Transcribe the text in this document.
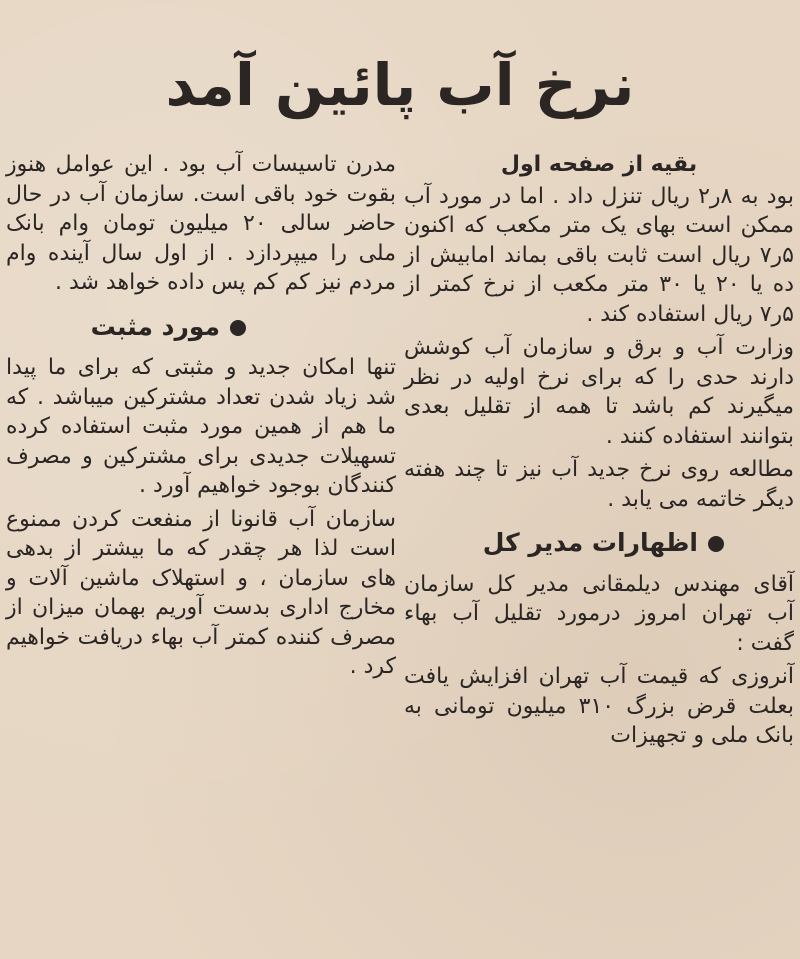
نرخ آب پائین آمد
بقیه از صفحه اول

بود به ۸ر۲ ریال تنزل داد . اما در مورد آب ممکن است بهای یک متر مکعب که اکنون ۵ر۷ ریال است ثابت باقی بماند امابیش از ده یا ۲۰ یا ۳۰ متر مکعب از نرخ کمتر از ۵ر۷ ریال استفاده کند .

وزارت آب و برق و سازمان آب کوشش دارند حدی را که برای نرخ اولیه در نظر میگیرند کم باشد تا همه از تقلیل بعدی بتوانند استفاده کنند .

مطالعه روی نرخ جدید آب نیز تا چند هفته دیگر خاتمه می یابد .

اظهارات مدیر کل

آقای مهندس دیلمقانی مدیر کل سازمان آب تهران امروز درمورد تقلیل آب بهاء گفت :

آنروزی که قیمت آب تهران افزایش یافت بعلت قرض بزرگ ۳۱۰ میلیون تومانی به بانک ملی و تجهیزات

مدرن تاسیسات آب بود . این عوامل هنوز بقوت خود باقی است. سازمان آب در حال حاضر سالی ۲۰ میلیون تومان وام بانک ملی را میپردازد . از اول سال آینده وام مردم نیز کم کم پس داده خواهد شد .

مورد مثبت

تنها امکان جدید و مثبتی که برای ما پیدا شد زیاد شدن تعداد مشترکین میباشد . که ما هم از همین مورد مثبت استفاده کرده تسهیلات جدیدی برای مشترکین و مصرف کنندگان بوجود خواهیم آورد .

سازمان آب قانونا از منفعت کردن ممنوع است لذا هر چقدر که ما بیشتر از بدهی های سازمان ، و استهلاک ماشین آلات و مخارج اداری بدست آوریم بهمان میزان از مصرف کننده کمتر آب بهاء دریافت خواهیم کرد .
